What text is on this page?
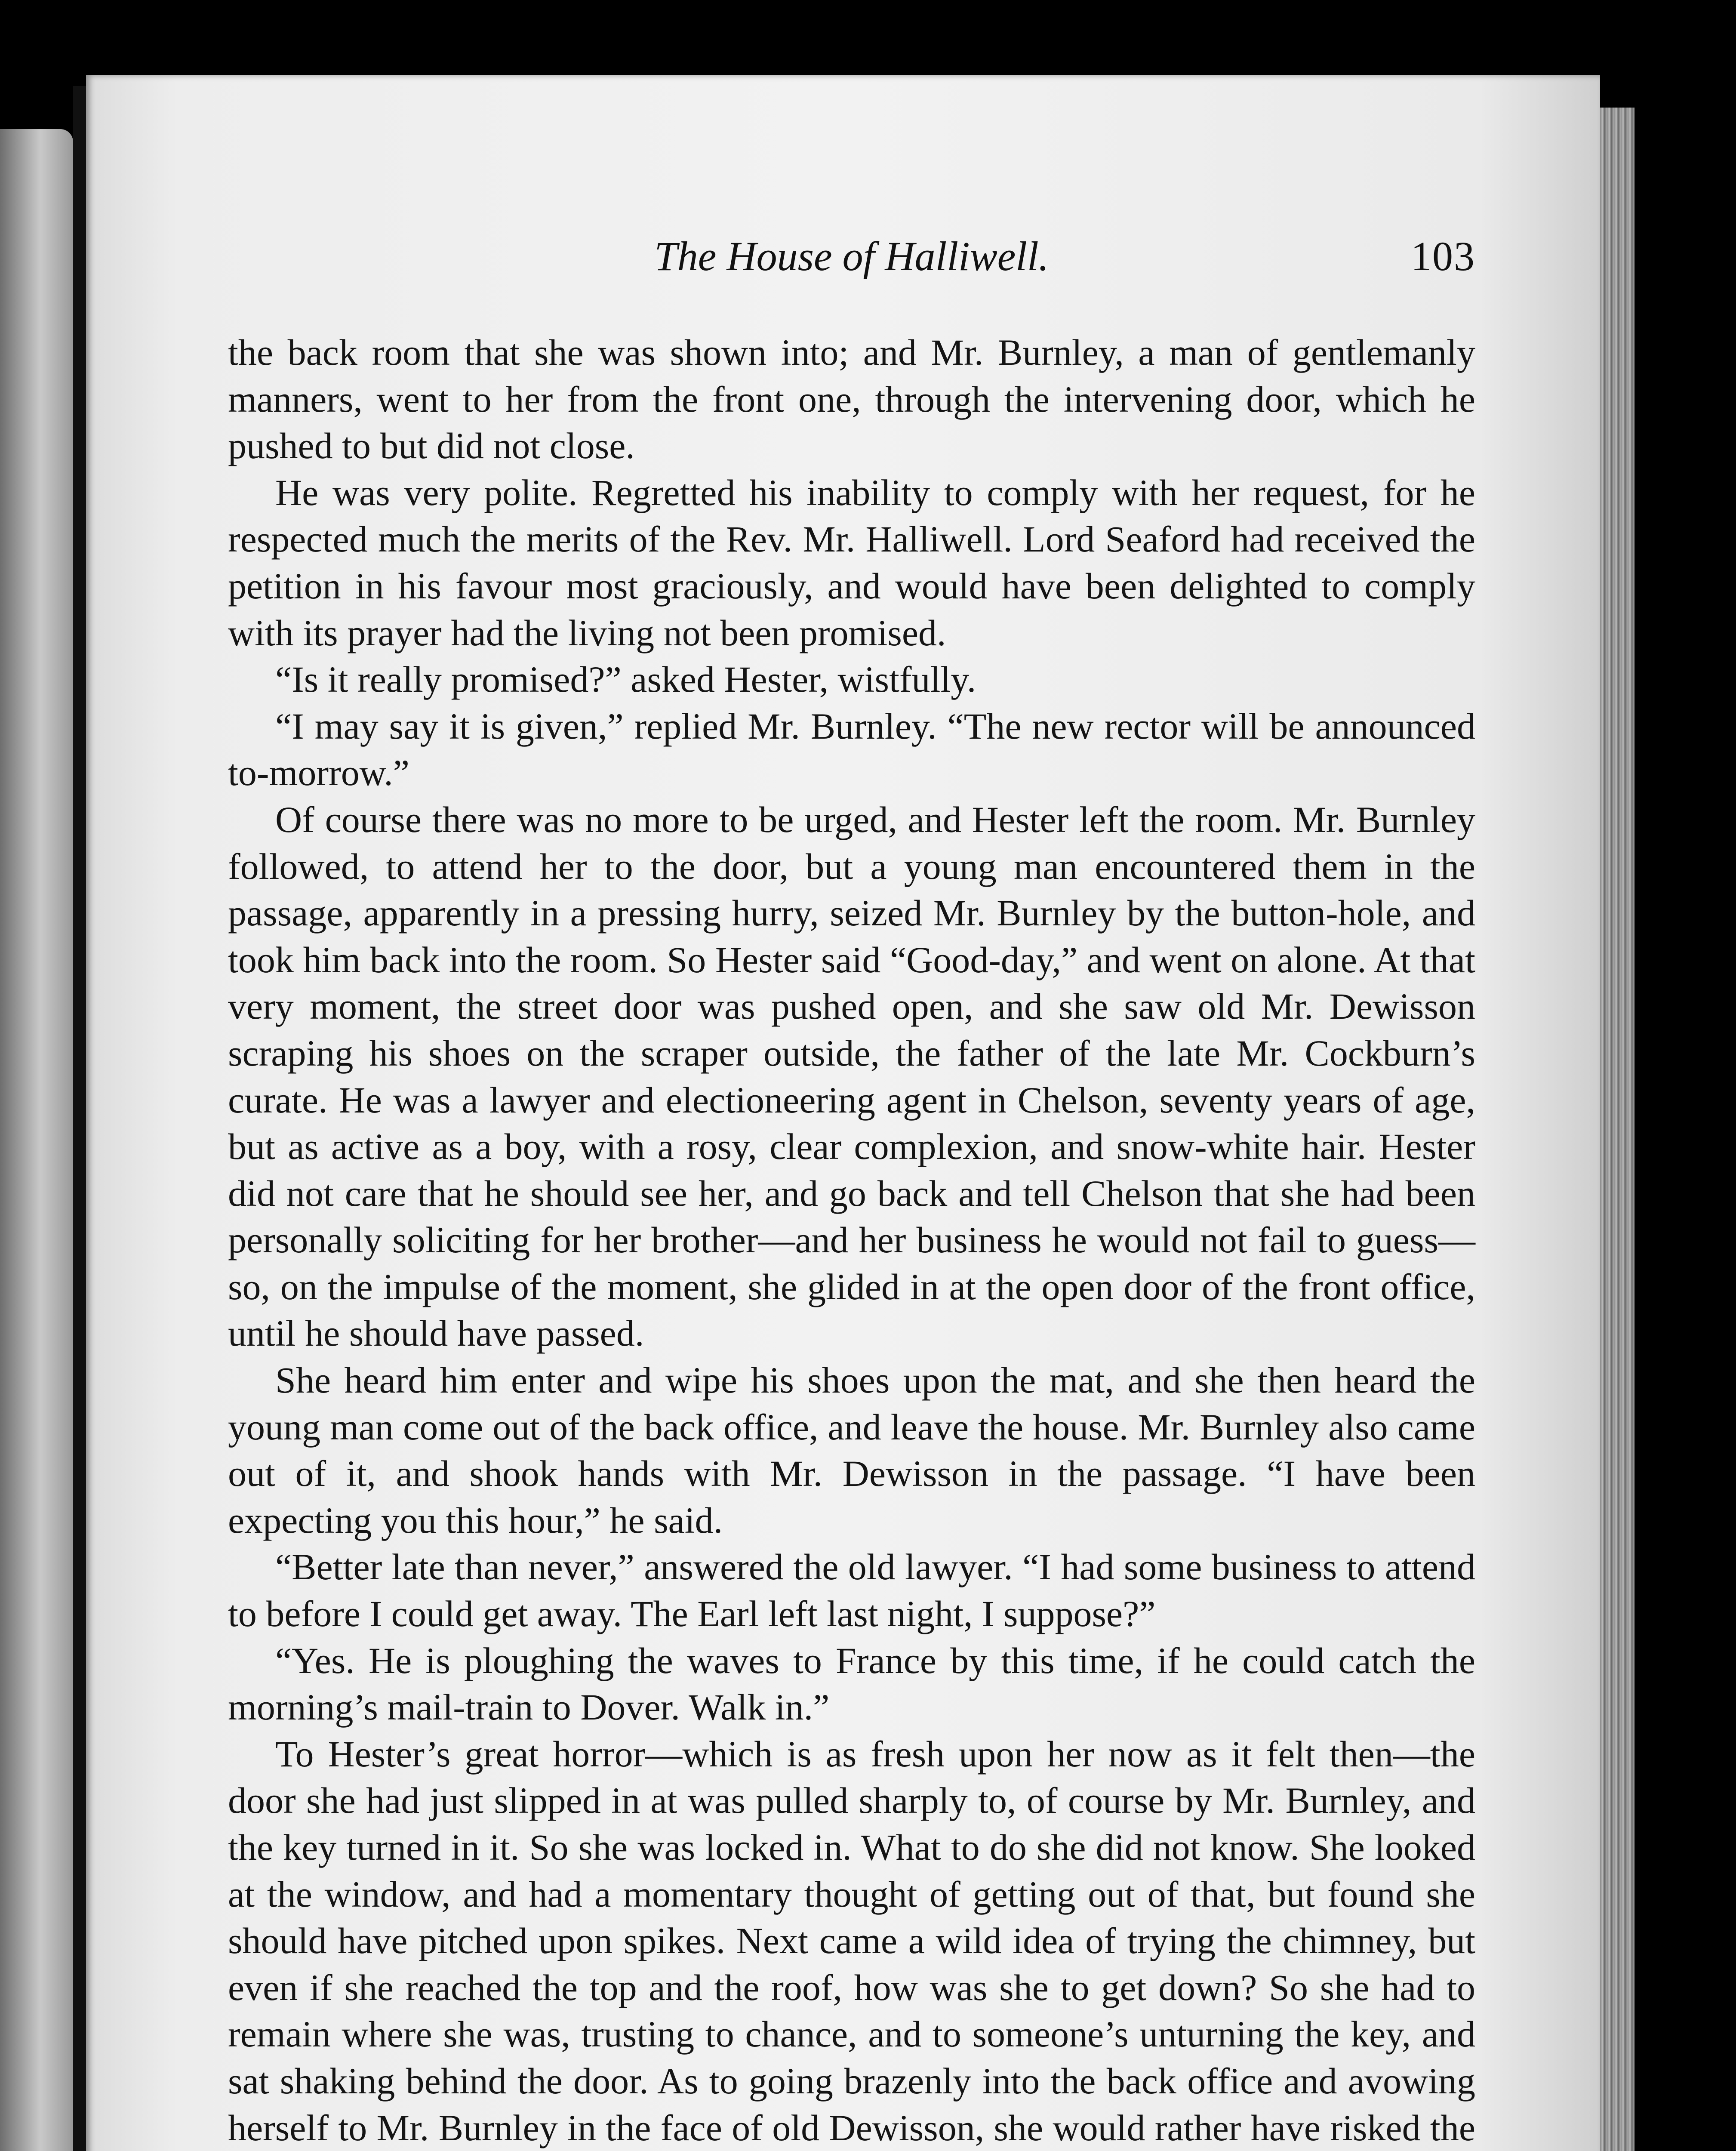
The House of Halliwell.	103

the back room that she was shown into; and Mr. Burnley, a man of gentlemanly manners, went to her from the front one, through the intervening door, which he pushed to but did not close.

He was very polite. Regretted his inability to comply with her request, for he respected much the merits of the Rev. Mr. Halliwell. Lord Seaford had received the petition in his favour most graciously, and would have been delighted to comply with its prayer had the living not been promised.

“Is it really promised?” asked Hester, wistfully.

“I may say it is given,” replied Mr. Burnley. “The new rector will be announced to-morrow.”

Of course there was no more to be urged, and Hester left the room. Mr. Burnley followed, to attend her to the door, but a young man encountered them in the passage, apparently in a pressing hurry, seized Mr. Burnley by the button-hole, and took him back into the room. So Hester said “Good-day,” and went on alone. At that very moment, the street door was pushed open, and she saw old Mr. Dewisson scraping his shoes on the scraper outside, the father of the late Mr. Cockburn’s curate. He was a lawyer and electioneering agent in Chelson, seventy years of age, but as active as a boy, with a rosy, clear complexion, and snow-white hair. Hester did not care that he should see her, and go back and tell Chelson that she had been personally soliciting for her brother—and her business he would not fail to guess—so, on the impulse of the moment, she glided in at the open door of the front office, until he should have passed.

She heard him enter and wipe his shoes upon the mat, and she then heard the young man come out of the back office, and leave the house. Mr. Burnley also came out of it, and shook hands with Mr. Dewisson in the passage. “I have been expecting you this hour,” he said.

“Better late than never,” answered the old lawyer. “I had some business to attend to before I could get away. The Earl left last night, I suppose?”

“Yes. He is ploughing the waves to France by this time, if he could catch the morning’s mail-train to Dover. Walk in.”

To Hester’s great horror—which is as fresh upon her now as it felt then—the door she had just slipped in at was pulled sharply to, of course by Mr. Burnley, and the key turned in it. So she was locked in. What to do she did not know. She looked at the window, and had a momentary thought of getting out of that, but found she should have pitched upon spikes. Next came a wild idea of trying the chimney, but even if she reached the top and the roof, how was she to get down? So she had to remain where she was, trusting to chance, and to someone’s unturning the key, and sat shaking behind the door. As to going brazenly into the back office and avowing herself to Mr. Burnley in the face of old Dewisson, she would rather have risked the
